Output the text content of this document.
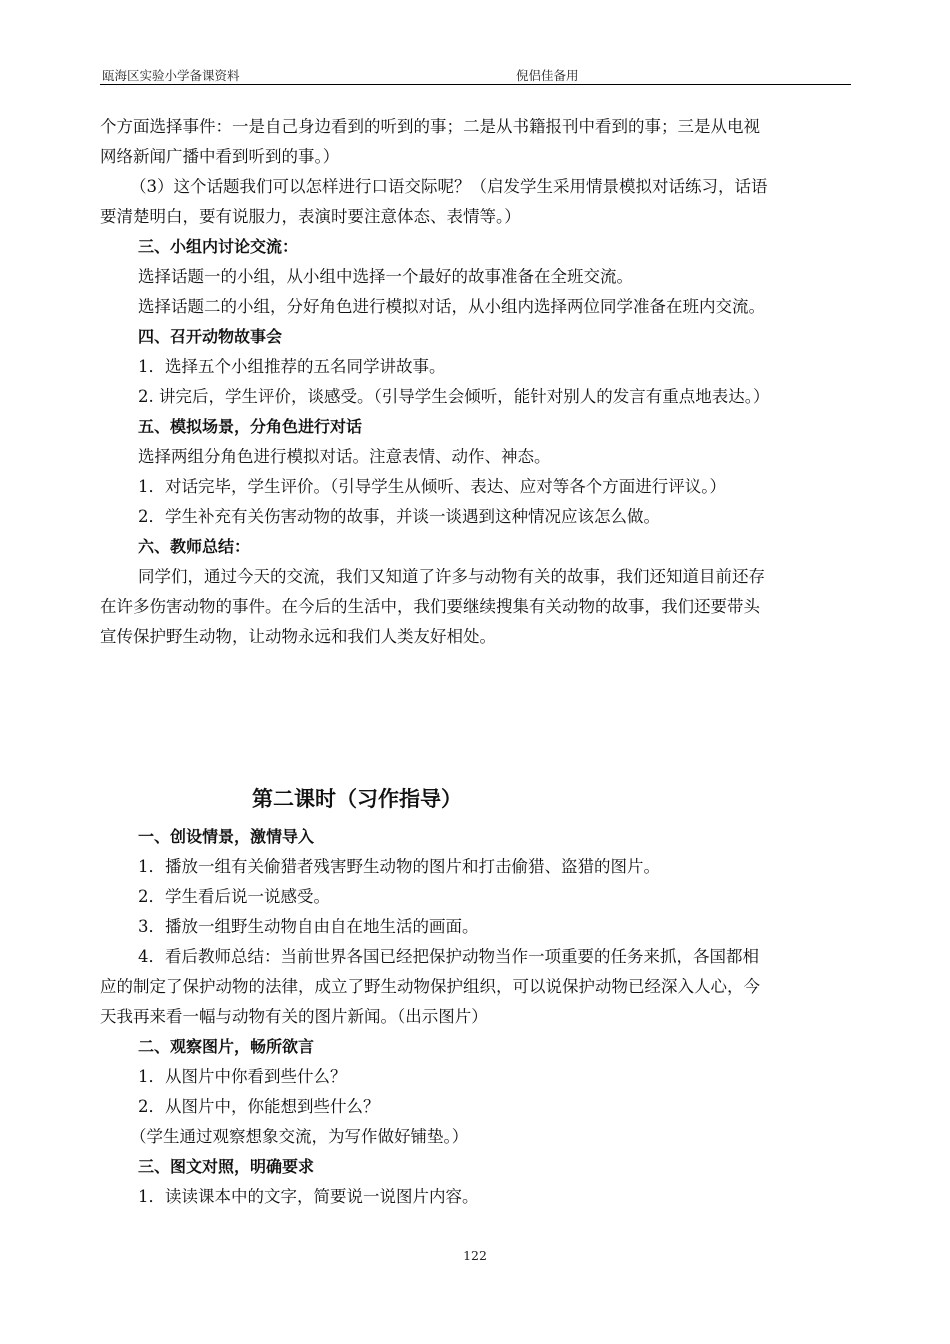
瓯海区实验小学备课资料	倪侣佳备用

个方面选择事件：一是自己身边看到的听到的事；二是从书籍报刊中看到的事；三是从电视

网络新闻广播中看到听到的事。）

（3）这个话题我们可以怎样进行口语交际呢？（启发学生采用情景模拟对话练习，话语

要清楚明白，要有说服力，表演时要注意体态、表情等。）

三、小组内讨论交流：

选择话题一的小组，从小组中选择一个最好的故事准备在全班交流。

选择话题二的小组，分好角色进行模拟对话，从小组内选择两位同学准备在班内交流。

四、召开动物故事会

1．选择五个小组推荐的五名同学讲故事。

2. 讲完后，学生评价，谈感受。（引导学生会倾听，能针对别人的发言有重点地表达。）

五、模拟场景，分角色进行对话

选择两组分角色进行模拟对话。注意表情、动作、神态。

1．对话完毕，学生评价。（引导学生从倾听、表达、应对等各个方面进行评议。）

2．学生补充有关伤害动物的故事，并谈一谈遇到这种情况应该怎么做。

六、教师总结：

同学们，通过今天的交流，我们又知道了许多与动物有关的故事，我们还知道目前还存

在许多伤害动物的事件。在今后的生活中，我们要继续搜集有关动物的故事，我们还要带头

宣传保护野生动物，让动物永远和我们人类友好相处。

第二课时（习作指导）

一、创设情景，激情导入

1．播放一组有关偷猎者残害野生动物的图片和打击偷猎、盗猎的图片。

2．学生看后说一说感受。

3．播放一组野生动物自由自在地生活的画面。

4．看后教师总结：当前世界各国已经把保护动物当作一项重要的任务来抓，各国都相

应的制定了保护动物的法律，成立了野生动物保护组织，可以说保护动物已经深入人心，今

天我再来看一幅与动物有关的图片新闻。（出示图片）

二、观察图片，畅所欲言

1．从图片中你看到些什么？

2．从图片中，你能想到些什么？

（学生通过观察想象交流，为写作做好铺垫。）

三、图文对照，明确要求

1．读读课本中的文字，简要说一说图片内容。

122
